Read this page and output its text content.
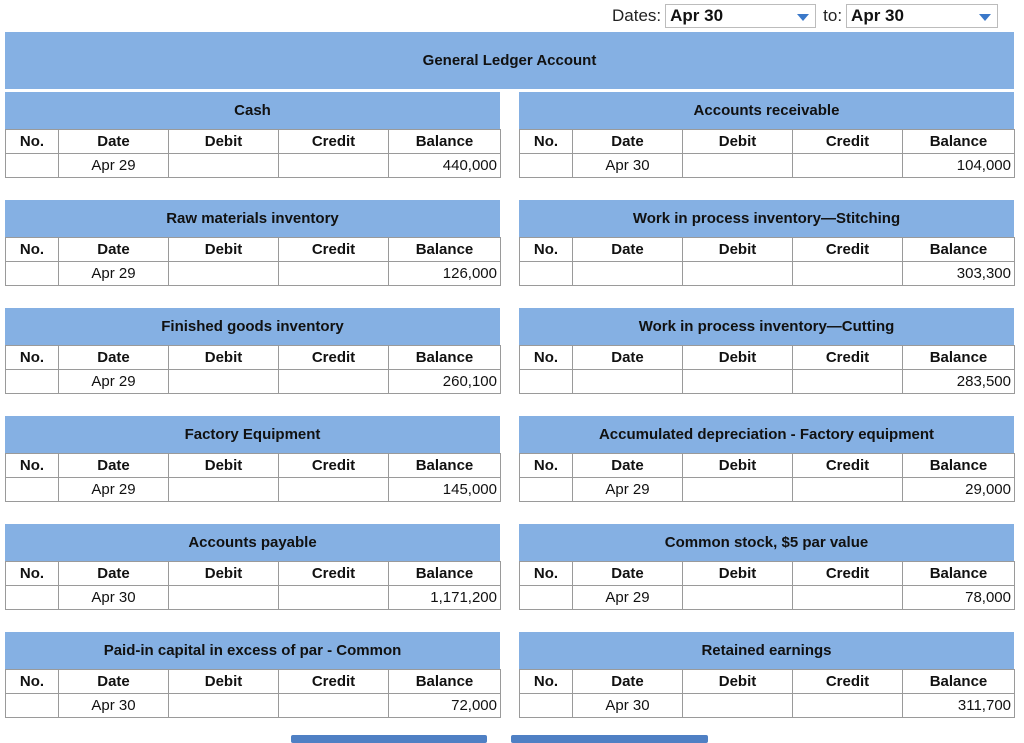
Dates: Apr 30	to: Apr 30
General Ledger Account
Cash
No.	Date	Debit	Credit	Balance
	Apr 29			440,000
Accounts receivable
No.	Date	Debit	Credit	Balance
	Apr 30			104,000
Raw materials inventory
No.	Date	Debit	Credit	Balance
	Apr 29			126,000
Work in process inventory—Stitching
No.	Date	Debit	Credit	Balance
				303,300
Finished goods inventory
No.	Date	Debit	Credit	Balance
	Apr 29			260,100
Work in process inventory—Cutting
No.	Date	Debit	Credit	Balance
				283,500
Factory Equipment
No.	Date	Debit	Credit	Balance
	Apr 29			145,000
Accumulated depreciation - Factory equipment
No.	Date	Debit	Credit	Balance
	Apr 29			29,000
Accounts payable
No.	Date	Debit	Credit	Balance
	Apr 30			1,171,200
Common stock, $5 par value
No.	Date	Debit	Credit	Balance
	Apr 29			78,000
Paid-in capital in excess of par - Common
No.	Date	Debit	Credit	Balance
	Apr 30			72,000
Retained earnings
No.	Date	Debit	Credit	Balance
	Apr 30			311,700
